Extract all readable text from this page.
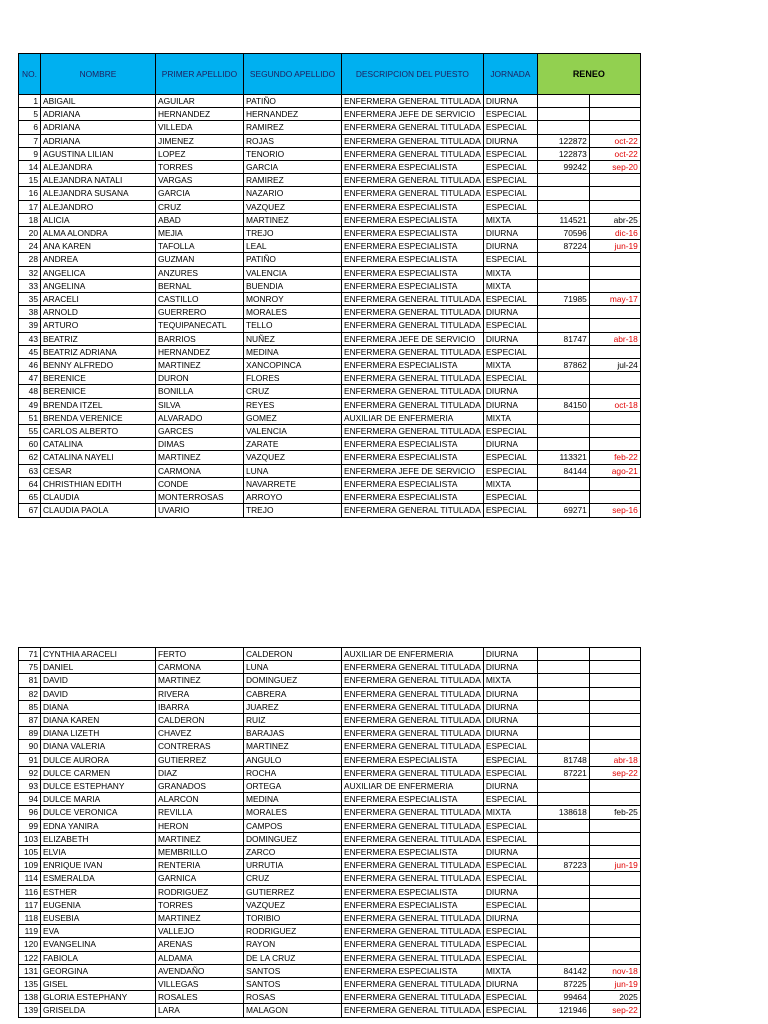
NO.	NOMBRE	PRIMER APELLIDO	SEGUNDO APELLIDO	DESCRIPCION DEL PUESTO	JORNADA	RENEO	
1	ABIGAIL	AGUILAR	PATIÑO	ENFERMERA GENERAL TITULADA	DIURNA		
5	ADRIANA	HERNANDEZ	HERNANDEZ	ENFERMERA JEFE DE SERVICIO	ESPECIAL		
6	ADRIANA	VILLEDA	RAMIREZ	ENFERMERA GENERAL TITULADA	ESPECIAL		
7	ADRIANA	JIMENEZ	ROJAS	ENFERMERA GENERAL TITULADA	DIURNA	122872	oct-22
9	AGUSTINA LILIAN	LOPEZ	TENORIO	ENFERMERA GENERAL TITULADA	ESPECIAL	122873	oct-22
14	ALEJANDRA	TORRES	GARCIA	ENFERMERA ESPECIALISTA	ESPECIAL	99242	sep-20
15	ALEJANDRA NATALI	VARGAS	RAMIREZ	ENFERMERA GENERAL TITULADA	ESPECIAL		
16	ALEJANDRA SUSANA	GARCIA	NAZARIO	ENFERMERA GENERAL TITULADA	ESPECIAL		
17	ALEJANDRO	CRUZ	VAZQUEZ	ENFERMERA ESPECIALISTA	ESPECIAL		
18	ALICIA	ABAD	MARTINEZ	ENFERMERA ESPECIALISTA	MIXTA	114521	abr-25
20	ALMA ALONDRA	MEJIA	TREJO	ENFERMERA ESPECIALISTA	DIURNA	70596	dic-16
24	ANA KAREN	TAFOLLA	LEAL	ENFERMERA ESPECIALISTA	DIURNA	87224	jun-19
28	ANDREA	GUZMAN	PATIÑO	ENFERMERA ESPECIALISTA	ESPECIAL		
32	ANGELICA	ANZURES	VALENCIA	ENFERMERA ESPECIALISTA	MIXTA		
33	ANGELINA	BERNAL	BUENDIA	ENFERMERA ESPECIALISTA	MIXTA		
35	ARACELI	CASTILLO	MONROY	ENFERMERA GENERAL TITULADA	ESPECIAL	71985	may-17
38	ARNOLD	GUERRERO	MORALES	ENFERMERA GENERAL TITULADA	DIURNA		
39	ARTURO	TEQUIPANECATL	TELLO	ENFERMERA GENERAL TITULADA	ESPECIAL		
43	BEATRIZ	BARRIOS	NUÑEZ	ENFERMERA JEFE DE SERVICIO	DIURNA	81747	abr-18
45	BEATRIZ ADRIANA	HERNANDEZ	MEDINA	ENFERMERA GENERAL TITULADA	ESPECIAL		
46	BENNY ALFREDO	MARTINEZ	XANCOPINCA	ENFERMERA ESPECIALISTA	MIXTA	87862	jul-24
47	BERENICE	DURON	FLORES	ENFERMERA GENERAL TITULADA	ESPECIAL		
48	BERENICE	BONILLA	CRUZ	ENFERMERA GENERAL TITULADA	DIURNA		
49	BRENDA ITZEL	SILVA	REYES	ENFERMERA GENERAL TITULADA	DIURNA	84150	oct-18
51	BRENDA VERENICE	ALVARADO	GOMEZ	AUXILIAR DE ENFERMERIA	MIXTA		
55	CARLOS ALBERTO	GARCES	VALENCIA	ENFERMERA GENERAL TITULADA	ESPECIAL		
60	CATALINA	DIMAS	ZARATE	ENFERMERA ESPECIALISTA	DIURNA		
62	CATALINA NAYELI	MARTINEZ	VAZQUEZ	ENFERMERA ESPECIALISTA	ESPECIAL	113321	feb-22
63	CESAR	CARMONA	LUNA	ENFERMERA JEFE DE SERVICIO	ESPECIAL	84144	ago-21
64	CHRISTHIAN EDITH	CONDE	NAVARRETE	ENFERMERA ESPECIALISTA	MIXTA		
65	CLAUDIA	MONTERROSAS	ARROYO	ENFERMERA ESPECIALISTA	ESPECIAL		
67	CLAUDIA PAOLA	UVARIO	TREJO	ENFERMERA GENERAL TITULADA	ESPECIAL	69271	sep-16
71	CYNTHIA ARACELI	FERTO	CALDERON	AUXILIAR DE ENFERMERIA	DIURNA		
75	DANIEL	CARMONA	LUNA	ENFERMERA GENERAL TITULADA	DIURNA		
81	DAVID	MARTINEZ	DOMINGUEZ	ENFERMERA GENERAL TITULADA	MIXTA		
82	DAVID	RIVERA	CABRERA	ENFERMERA GENERAL TITULADA	DIURNA		
85	DIANA	IBARRA	JUAREZ	ENFERMERA GENERAL TITULADA	DIURNA		
87	DIANA KAREN	CALDERON	RUIZ	ENFERMERA GENERAL TITULADA	DIURNA		
89	DIANA LIZETH	CHAVEZ	BARAJAS	ENFERMERA GENERAL TITULADA	DIURNA		
90	DIANA VALERIA	CONTRERAS	MARTINEZ	ENFERMERA GENERAL TITULADA	ESPECIAL		
91	DULCE AURORA	GUTIERREZ	ANGULO	ENFERMERA ESPECIALISTA	ESPECIAL	81748	abr-18
92	DULCE CARMEN	DIAZ	ROCHA	ENFERMERA GENERAL TITULADA	ESPECIAL	87221	sep-22
93	DULCE ESTEPHANY	GRANADOS	ORTEGA	AUXILIAR DE ENFERMERIA	DIURNA		
94	DULCE MARIA	ALARCON	MEDINA	ENFERMERA ESPECIALISTA	ESPECIAL		
96	DULCE VERONICA	REVILLA	MORALES	ENFERMERA GENERAL TITULADA	MIXTA	138618	feb-25
99	EDNA YANIRA	HERON	CAMPOS	ENFERMERA GENERAL TITULADA	ESPECIAL		
103	ELIZABETH	MARTINEZ	DOMINGUEZ	ENFERMERA GENERAL TITULADA	ESPECIAL		
105	ELVIA	MEMBRILLO	ZARCO	ENFERMERA ESPECIALISTA	DIURNA		
109	ENRIQUE IVAN	RENTERIA	URRUTIA	ENFERMERA GENERAL TITULADA	ESPECIAL	87223	jun-19
114	ESMERALDA	GARNICA	CRUZ	ENFERMERA GENERAL TITULADA	ESPECIAL		
116	ESTHER	RODRIGUEZ	GUTIERREZ	ENFERMERA ESPECIALISTA	DIURNA		
117	EUGENIA	TORRES	VAZQUEZ	ENFERMERA ESPECIALISTA	ESPECIAL		
118	EUSEBIA	MARTINEZ	TORIBIO	ENFERMERA GENERAL TITULADA	DIURNA		
119	EVA	VALLEJO	RODRIGUEZ	ENFERMERA GENERAL TITULADA	ESPECIAL		
120	EVANGELINA	ARENAS	RAYON	ENFERMERA GENERAL TITULADA	ESPECIAL		
122	FABIOLA	ALDAMA	DE LA CRUZ	ENFERMERA GENERAL TITULADA	ESPECIAL		
131	GEORGINA	AVENDAÑO	SANTOS	ENFERMERA ESPECIALISTA	MIXTA	84142	nov-18
135	GISEL	VILLEGAS	SANTOS	ENFERMERA GENERAL TITULADA	DIURNA	87225	jun-19
138	GLORIA ESTEPHANY	ROSALES	ROSAS	ENFERMERA GENERAL TITULADA	ESPECIAL	99464	2025
139	GRISELDA	LARA	MALAGON	ENFERMERA GENERAL TITULADA	ESPECIAL	121946	sep-22
